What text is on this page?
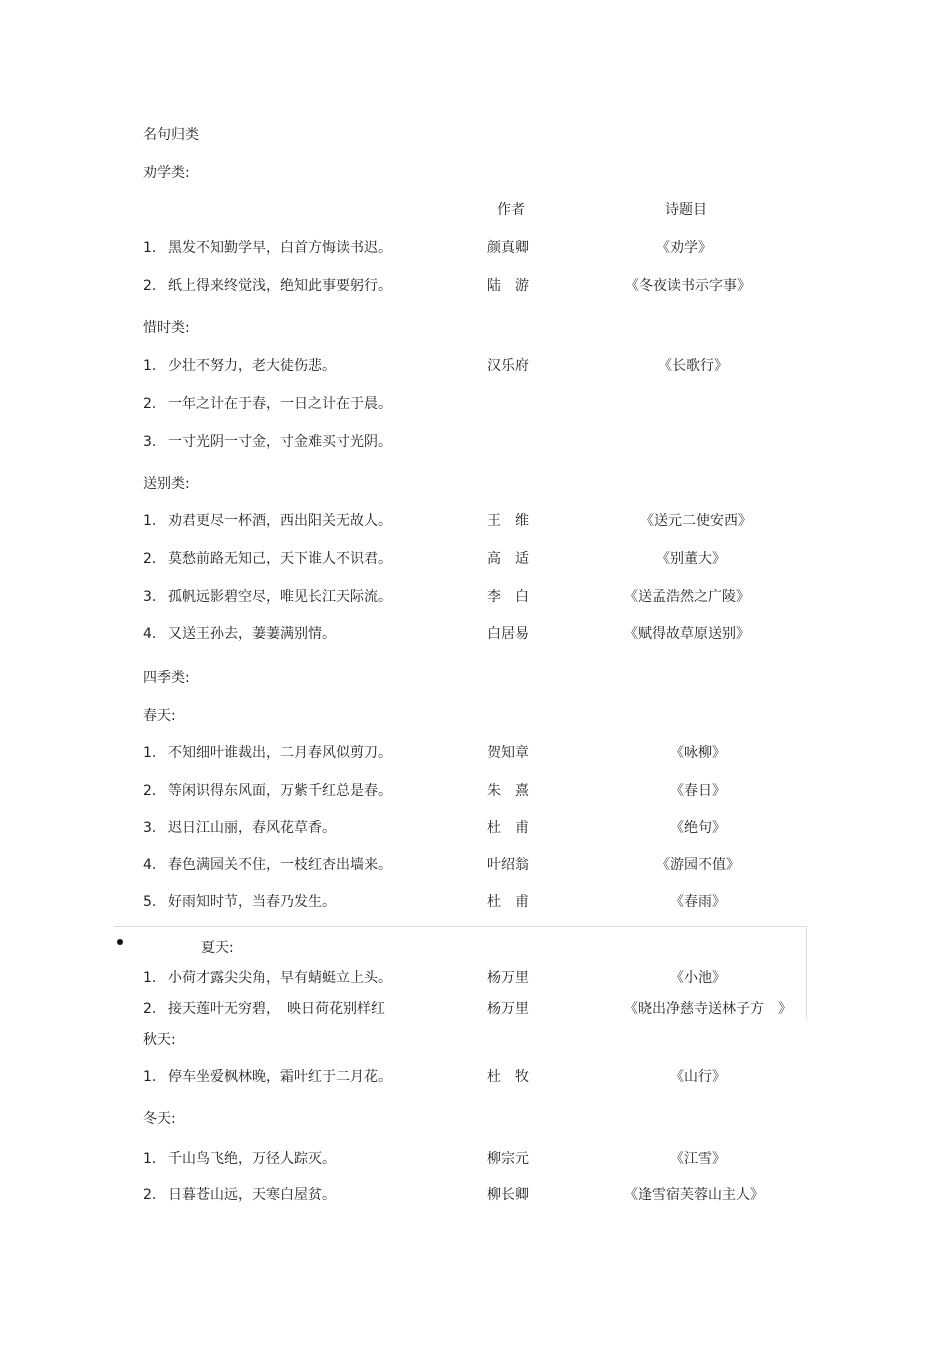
名句归类
劝学类:
作者	诗题目
1. 黑发不知勤学早，白首方悔读书迟。	颜真卿	《劝学》
2. 纸上得来终觉浅，绝知此事要躬行。	陆　游	《冬夜读书示字事》
惜时类:
1. 少壮不努力，老大徒伤悲。	汉乐府	《长歌行》
2. 一年之计在于春，一日之计在于晨。
3. 一寸光阴一寸金，寸金难买寸光阴。
送别类:
1. 劝君更尽一杯酒，西出阳关无故人。	王　维	《送元二使安西》
2. 莫愁前路无知己，天下谁人不识君。	高　适	《别董大》
3. 孤帆远影碧空尽，唯见长江天际流。	李　白	《送孟浩然之广陵》
4. 又送王孙去，萋萋满别情。	白居易	《赋得故草原送别》
四季类:
春天:
1. 不知细叶谁裁出，二月春风似剪刀。	贺知章	《咏柳》
2. 等闲识得东风面，万紫千红总是春。	朱　熹	《春日》
3. 迟日江山丽，春风花草香。	杜　甫	《绝句》
4. 春色满园关不住，一枝红杏出墙来。	叶绍翁	《游园不值》
5. 好雨知时节，当春乃发生。	杜　甫	《春雨》
夏天:
1. 小荷才露尖尖角，早有蜻蜓立上头。	杨万里	《小池》
2. 接天莲叶无穷碧，　映日荷花别样红	杨万里	《晓出净慈寺送林子方　》
秋天:
1. 停车坐爱枫林晚，霜叶红于二月花。	杜　牧	《山行》
冬天:
1. 千山鸟飞绝，万径人踪灭。	柳宗元	《江雪》
2. 日暮苍山远，天寒白屋贫。	柳长卿	《逢雪宿芙蓉山主人》
